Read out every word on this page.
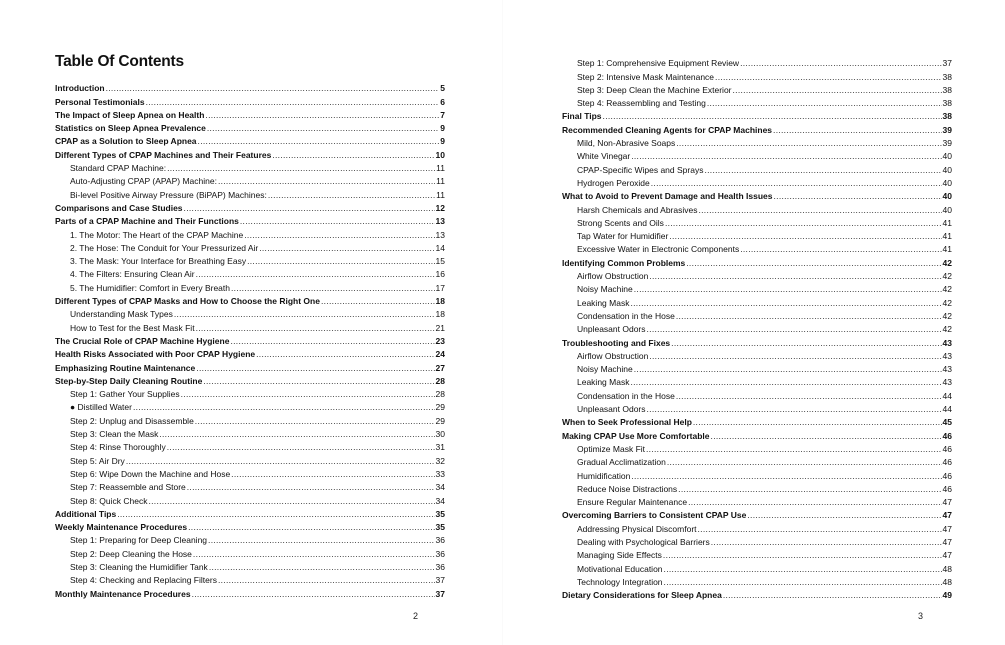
Table Of Contents
Introduction .....	5
Personal Testimonials .....	6
The Impact of Sleep Apnea on Health .....	7
Statistics on Sleep Apnea Prevalence .....	9
CPAP as a Solution to Sleep Apnea .....	9
Different Types of CPAP Machines and Their Features .....	10
Standard CPAP Machine: .....	11
Auto-Adjusting CPAP (APAP) Machine: .....	11
Bi-level Positive Airway Pressure (BiPAP) Machines: .....	11
Comparisons and Case Studies .....	12
Parts of a CPAP Machine and Their Functions .....	13
1. The Motor: The Heart of the CPAP Machine .....	13
2. The Hose: The Conduit for Your Pressurized Air .....	14
3. The Mask: Your Interface for Breathing Easy .....	15
4. The Filters: Ensuring Clean Air .....	16
5. The Humidifier: Comfort in Every Breath .....	17
Different Types of CPAP Masks and How to Choose the Right One .....	18
Understanding Mask Types .....	18
How to Test for the Best Mask Fit .....	21
The Crucial Role of CPAP Machine Hygiene .....	23
Health Risks Associated with Poor CPAP Hygiene .....	24
Emphasizing Routine Maintenance .....	27
Step-by-Step Daily Cleaning Routine .....	28
Step 1: Gather Your Supplies .....	28
● Distilled Water .....	29
Step 2: Unplug and Disassemble .....	29
Step 3: Clean the Mask .....	30
Step 4: Rinse Thoroughly .....	31
Step 5: Air Dry .....	32
Step 6: Wipe Down the Machine and Hose .....	33
Step 7: Reassemble and Store .....	34
Step 8: Quick Check .....	34
Additional Tips .....	35
Weekly Maintenance Procedures .....	35
Step 1: Preparing for Deep Cleaning .....	36
Step 2: Deep Cleaning the Hose .....	36
Step 3: Cleaning the Humidifier Tank .....	36
Step 4: Checking and Replacing Filters .....	37
Monthly Maintenance Procedures .....	37
2
Step 1: Comprehensive Equipment Review .....	37
Step 2: Intensive Mask Maintenance .....	38
Step 3: Deep Clean the Machine Exterior .....	38
Step 4: Reassembling and Testing .....	38
Final Tips .....	38
Recommended Cleaning Agents for CPAP Machines .....	39
Mild, Non-Abrasive Soaps .....	39
White Vinegar .....	40
CPAP-Specific Wipes and Sprays .....	40
Hydrogen Peroxide .....	40
What to Avoid to Prevent Damage and Health Issues .....	40
Harsh Chemicals and Abrasives .....	40
Strong Scents and Oils .....	41
Tap Water for Humidifier .....	41
Excessive Water in Electronic Components .....	41
Identifying Common Problems .....	42
Airflow Obstruction .....	42
Noisy Machine .....	42
Leaking Mask .....	42
Condensation in the Hose .....	42
Unpleasant Odors .....	42
Troubleshooting and Fixes .....	43
Airflow Obstruction .....	43
Noisy Machine .....	43
Leaking Mask .....	43
Condensation in the Hose .....	44
Unpleasant Odors .....	44
When to Seek Professional Help .....	45
Making CPAP Use More Comfortable .....	46
Optimize Mask Fit .....	46
Gradual Acclimatization .....	46
Humidification .....	46
Reduce Noise Distractions .....	46
Ensure Regular Maintenance .....	47
Overcoming Barriers to Consistent CPAP Use .....	47
Addressing Physical Discomfort .....	47
Dealing with Psychological Barriers .....	47
Managing Side Effects .....	47
Motivational Education .....	48
Technology Integration .....	48
Dietary Considerations for Sleep Apnea .....	49
3
